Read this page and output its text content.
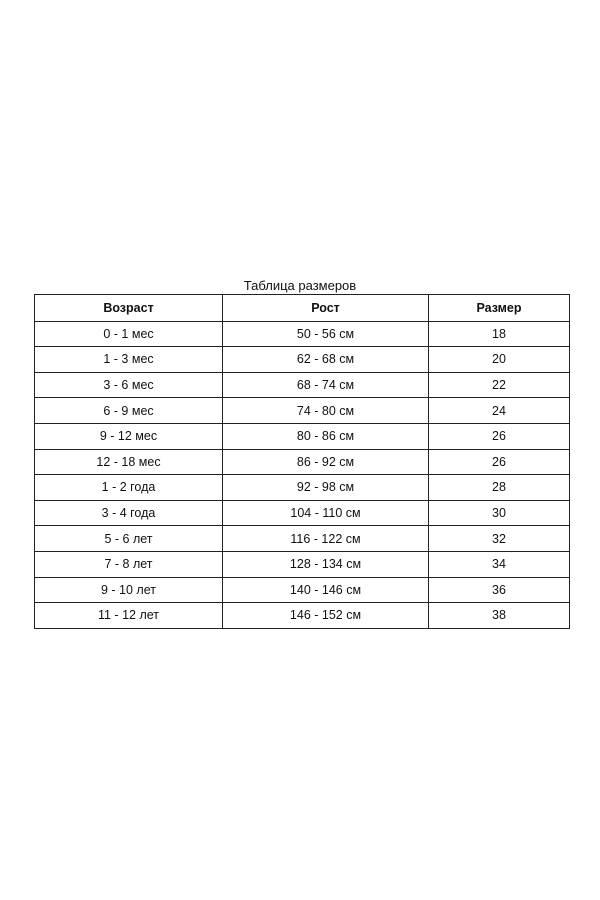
Таблица размеров
Возраст	Рост	Размер
0 - 1 мес	50 - 56 см	18
1 - 3 мес	62 - 68 см	20
3 - 6 мес	68 - 74 см	22
6 - 9 мес	74 - 80 см	24
9 - 12 мес	80 - 86 см	26
12 - 18 мес	86 - 92 см	26
1 - 2 года	92 - 98 см	28
3 - 4 года	104 - 110 см	30
5 - 6 лет	116 - 122 см	32
7 - 8 лет	128 - 134 см	34
9 - 10 лет	140 - 146 см	36
11 - 12 лет	146 - 152 см	38
